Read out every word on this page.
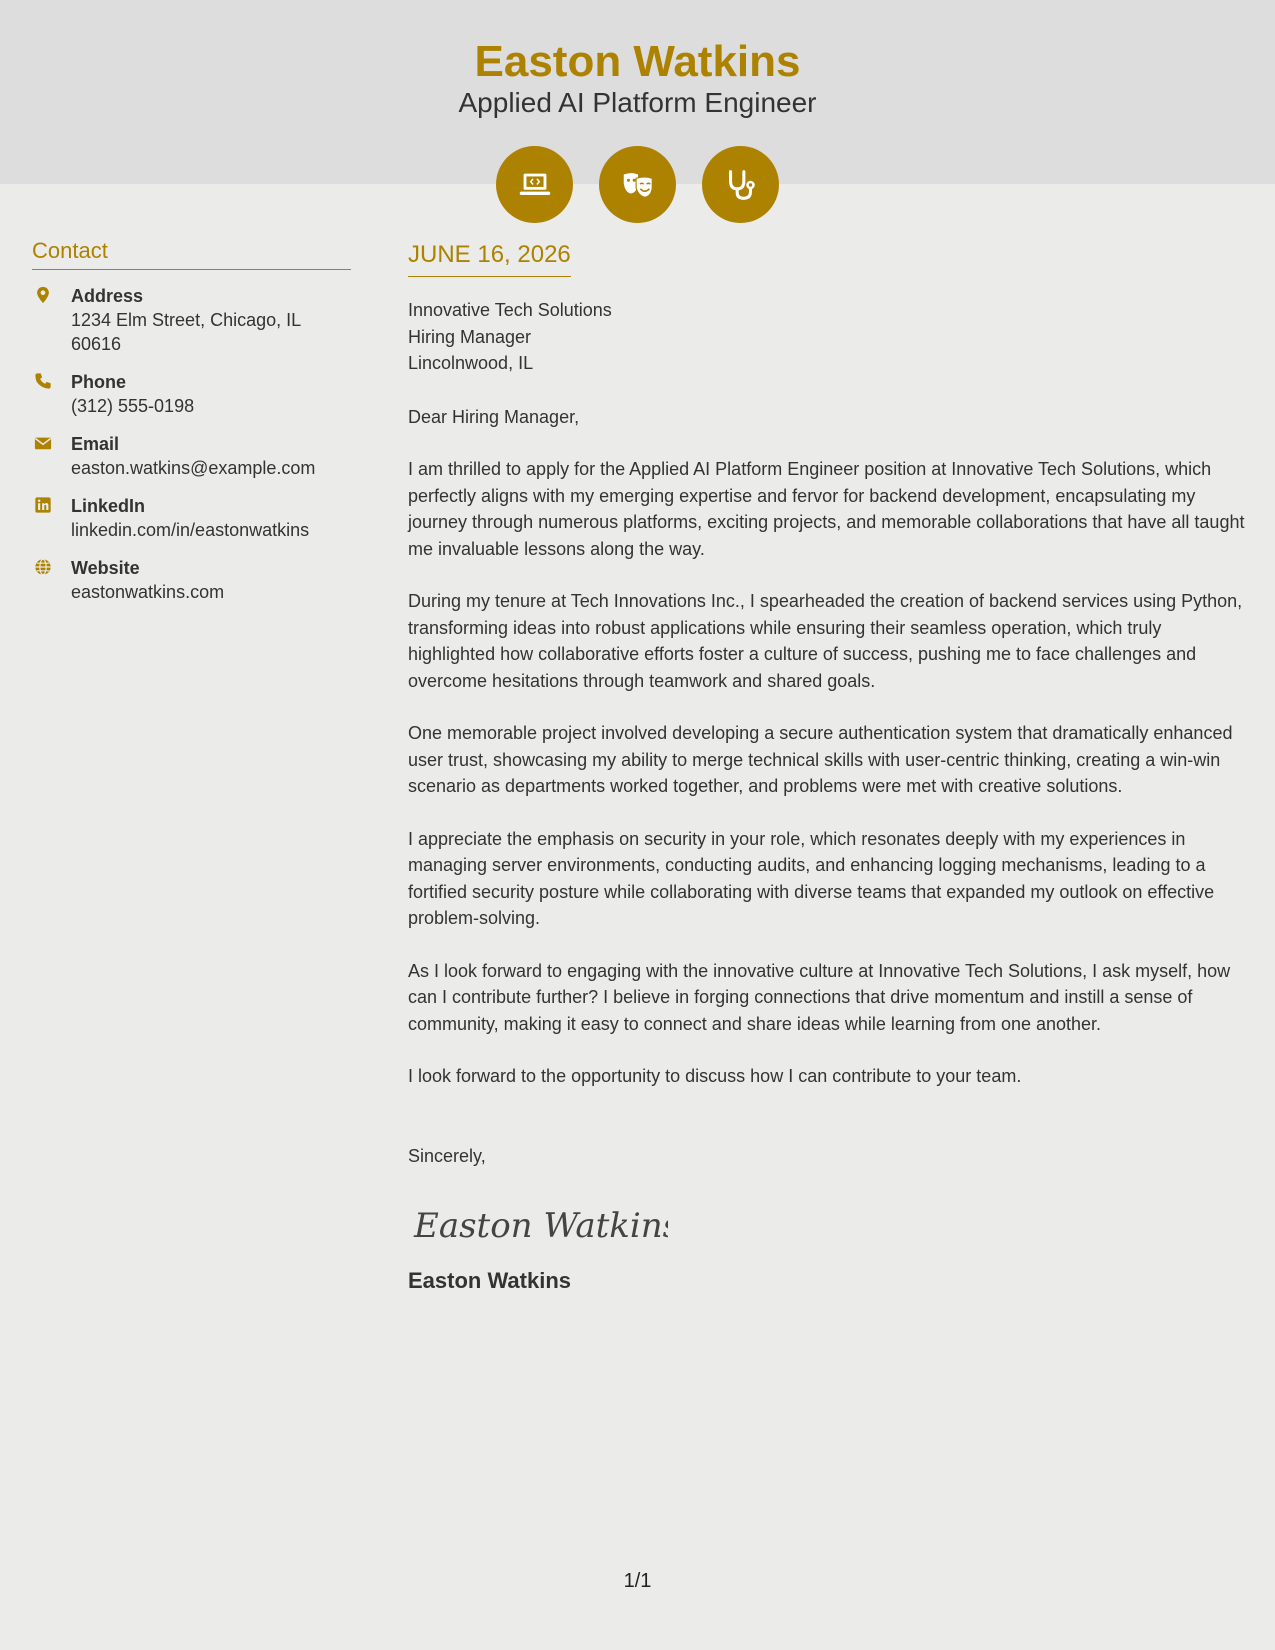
Easton Watkins
Applied AI Platform Engineer
Contact
Address
1234 Elm Street, Chicago, IL 60616
Phone
(312) 555-0198
Email
easton.watkins@example.com
LinkedIn
linkedin.com/in/eastonwatkins
Website
eastonwatkins.com
JUNE 16, 2026
Innovative Tech Solutions
Hiring Manager
Lincolnwood, IL
Dear Hiring Manager,
I am thrilled to apply for the Applied AI Platform Engineer position at Innovative Tech Solutions, which perfectly aligns with my emerging expertise and fervor for backend development, encapsulating my journey through numerous platforms, exciting projects, and memorable collaborations that have all taught me invaluable lessons along the way.
During my tenure at Tech Innovations Inc., I spearheaded the creation of backend services using Python, transforming ideas into robust applications while ensuring their seamless operation, which truly highlighted how collaborative efforts foster a culture of success, pushing me to face challenges and overcome hesitations through teamwork and shared goals.
One memorable project involved developing a secure authentication system that dramatically enhanced user trust, showcasing my ability to merge technical skills with user-centric thinking, creating a win-win scenario as departments worked together, and problems were met with creative solutions.
I appreciate the emphasis on security in your role, which resonates deeply with my experiences in managing server environments, conducting audits, and enhancing logging mechanisms, leading to a fortified security posture while collaborating with diverse teams that expanded my outlook on effective problem-solving.
As I look forward to engaging with the innovative culture at Innovative Tech Solutions, I ask myself, how can I contribute further? I believe in forging connections that drive momentum and instill a sense of community, making it easy to connect and share ideas while learning from one another.
I look forward to the opportunity to discuss how I can contribute to your team.
Sincerely,
Easton Watkins
Easton Watkins
1/1
